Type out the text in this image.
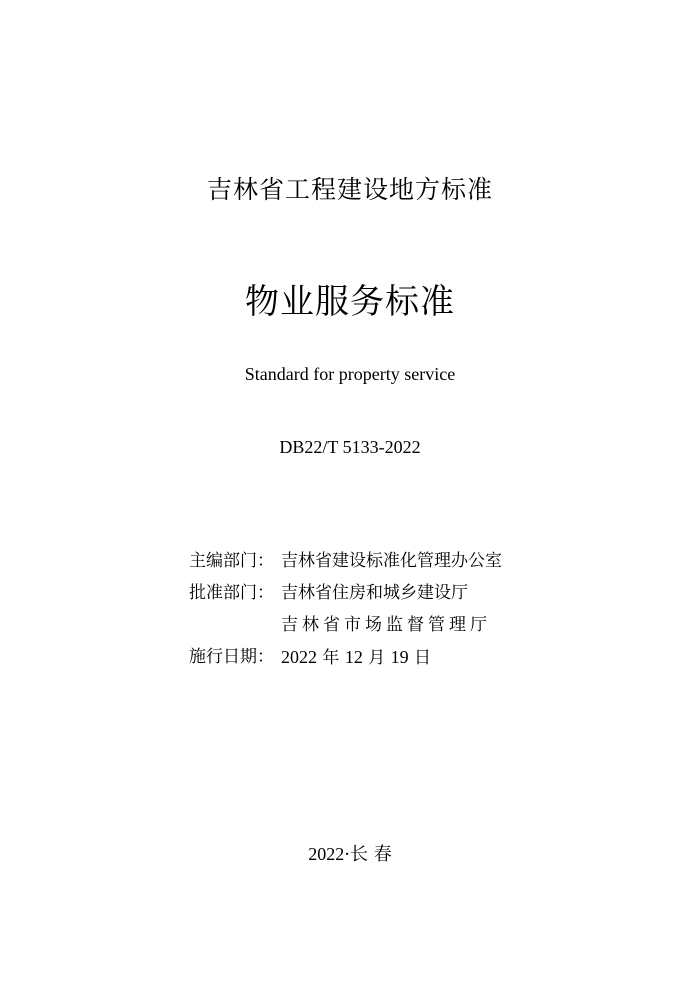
吉林省工程建设地方标准
物业服务标准
Standard for property service
DB22/T 5133-2022
主编部门： 吉林省建设标准化管理办公室
批准部门： 吉林省住房和城乡建设厅
吉林省市场监督管理厅
施行日期： 2022 年 12 月 19 日
2022·长 春
